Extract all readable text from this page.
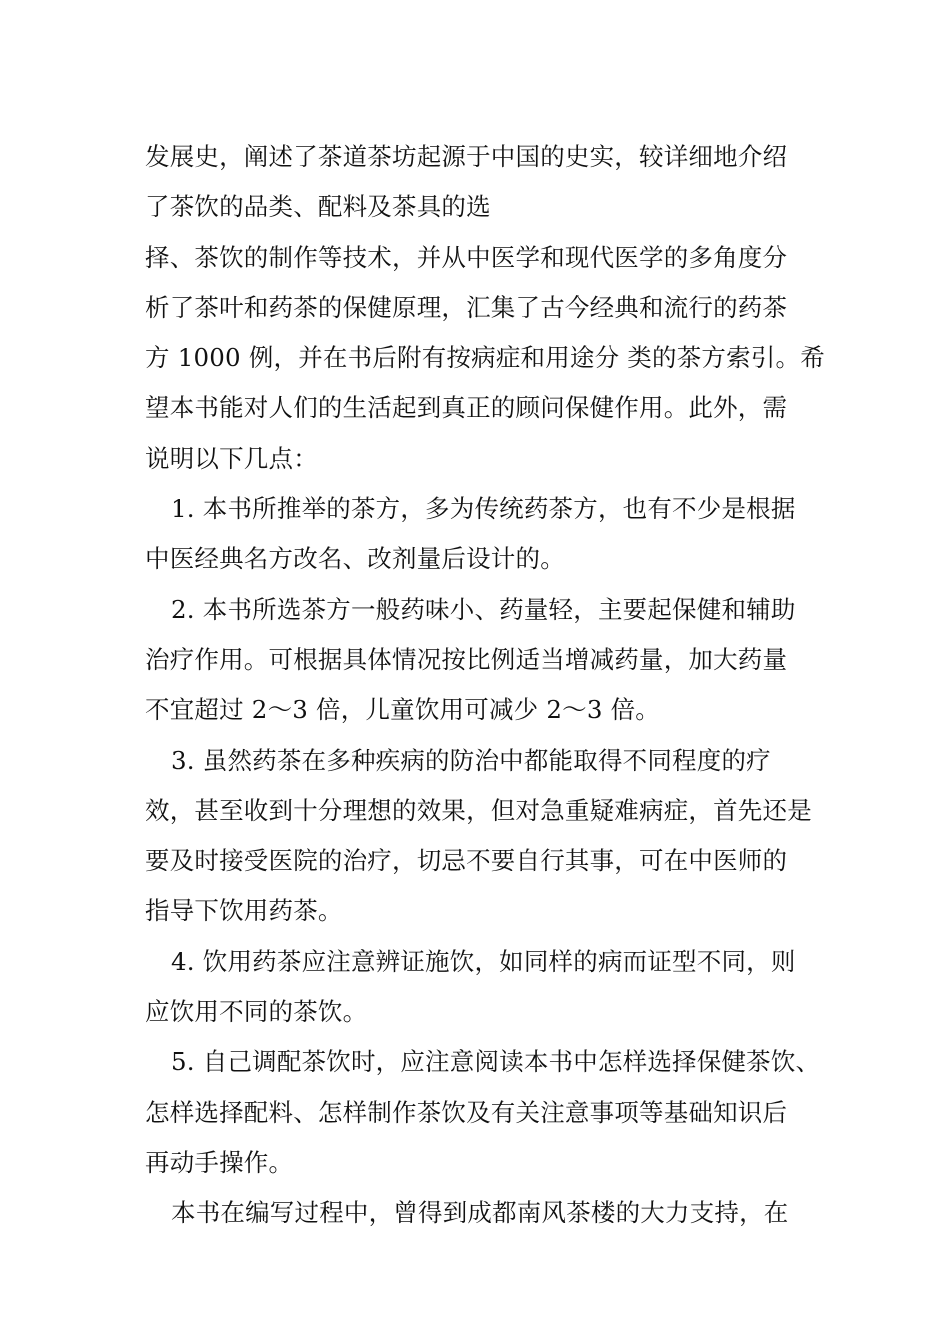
发展史，阐述了茶道茶坊起源于中国的史实，较详细地介绍
了茶饮的品类、配料及茶具的选
择、茶饮的制作等技术，并从中医学和现代医学的多角度分
析了茶叶和药茶的保健原理，汇集了古今经典和流行的药茶
方 1000 例，并在书后附有按病症和用途分 类的茶方索引。希
望本书能对人们的生活起到真正的顾问保健作用。此外，需
说明以下几点：
1. 本书所推举的茶方，多为传统药茶方，也有不少是根据
中医经典名方改名、改剂量后设计的。
2. 本书所选茶方一般药味小、药量轻，主要起保健和辅助
治疗作用。可根据具体情况按比例适当增减药量，加大药量
不宜超过 2～3 倍，儿童饮用可减少 2～3 倍。
3. 虽然药茶在多种疾病的防治中都能取得不同程度的疗
效，甚至收到十分理想的效果，但对急重疑难病症，首先还是
要及时接受医院的治疗，切忌不要自行其事，可在中医师的
指导下饮用药茶。
4. 饮用药茶应注意辨证施饮，如同样的病而证型不同，则
应饮用不同的茶饮。
5. 自己调配茶饮时，应注意阅读本书中怎样选择保健茶饮、
怎样选择配料、怎样制作茶饮及有关注意事项等基础知识后
再动手操作。
本书在编写过程中，曾得到成都南风茶楼的大力支持，在
